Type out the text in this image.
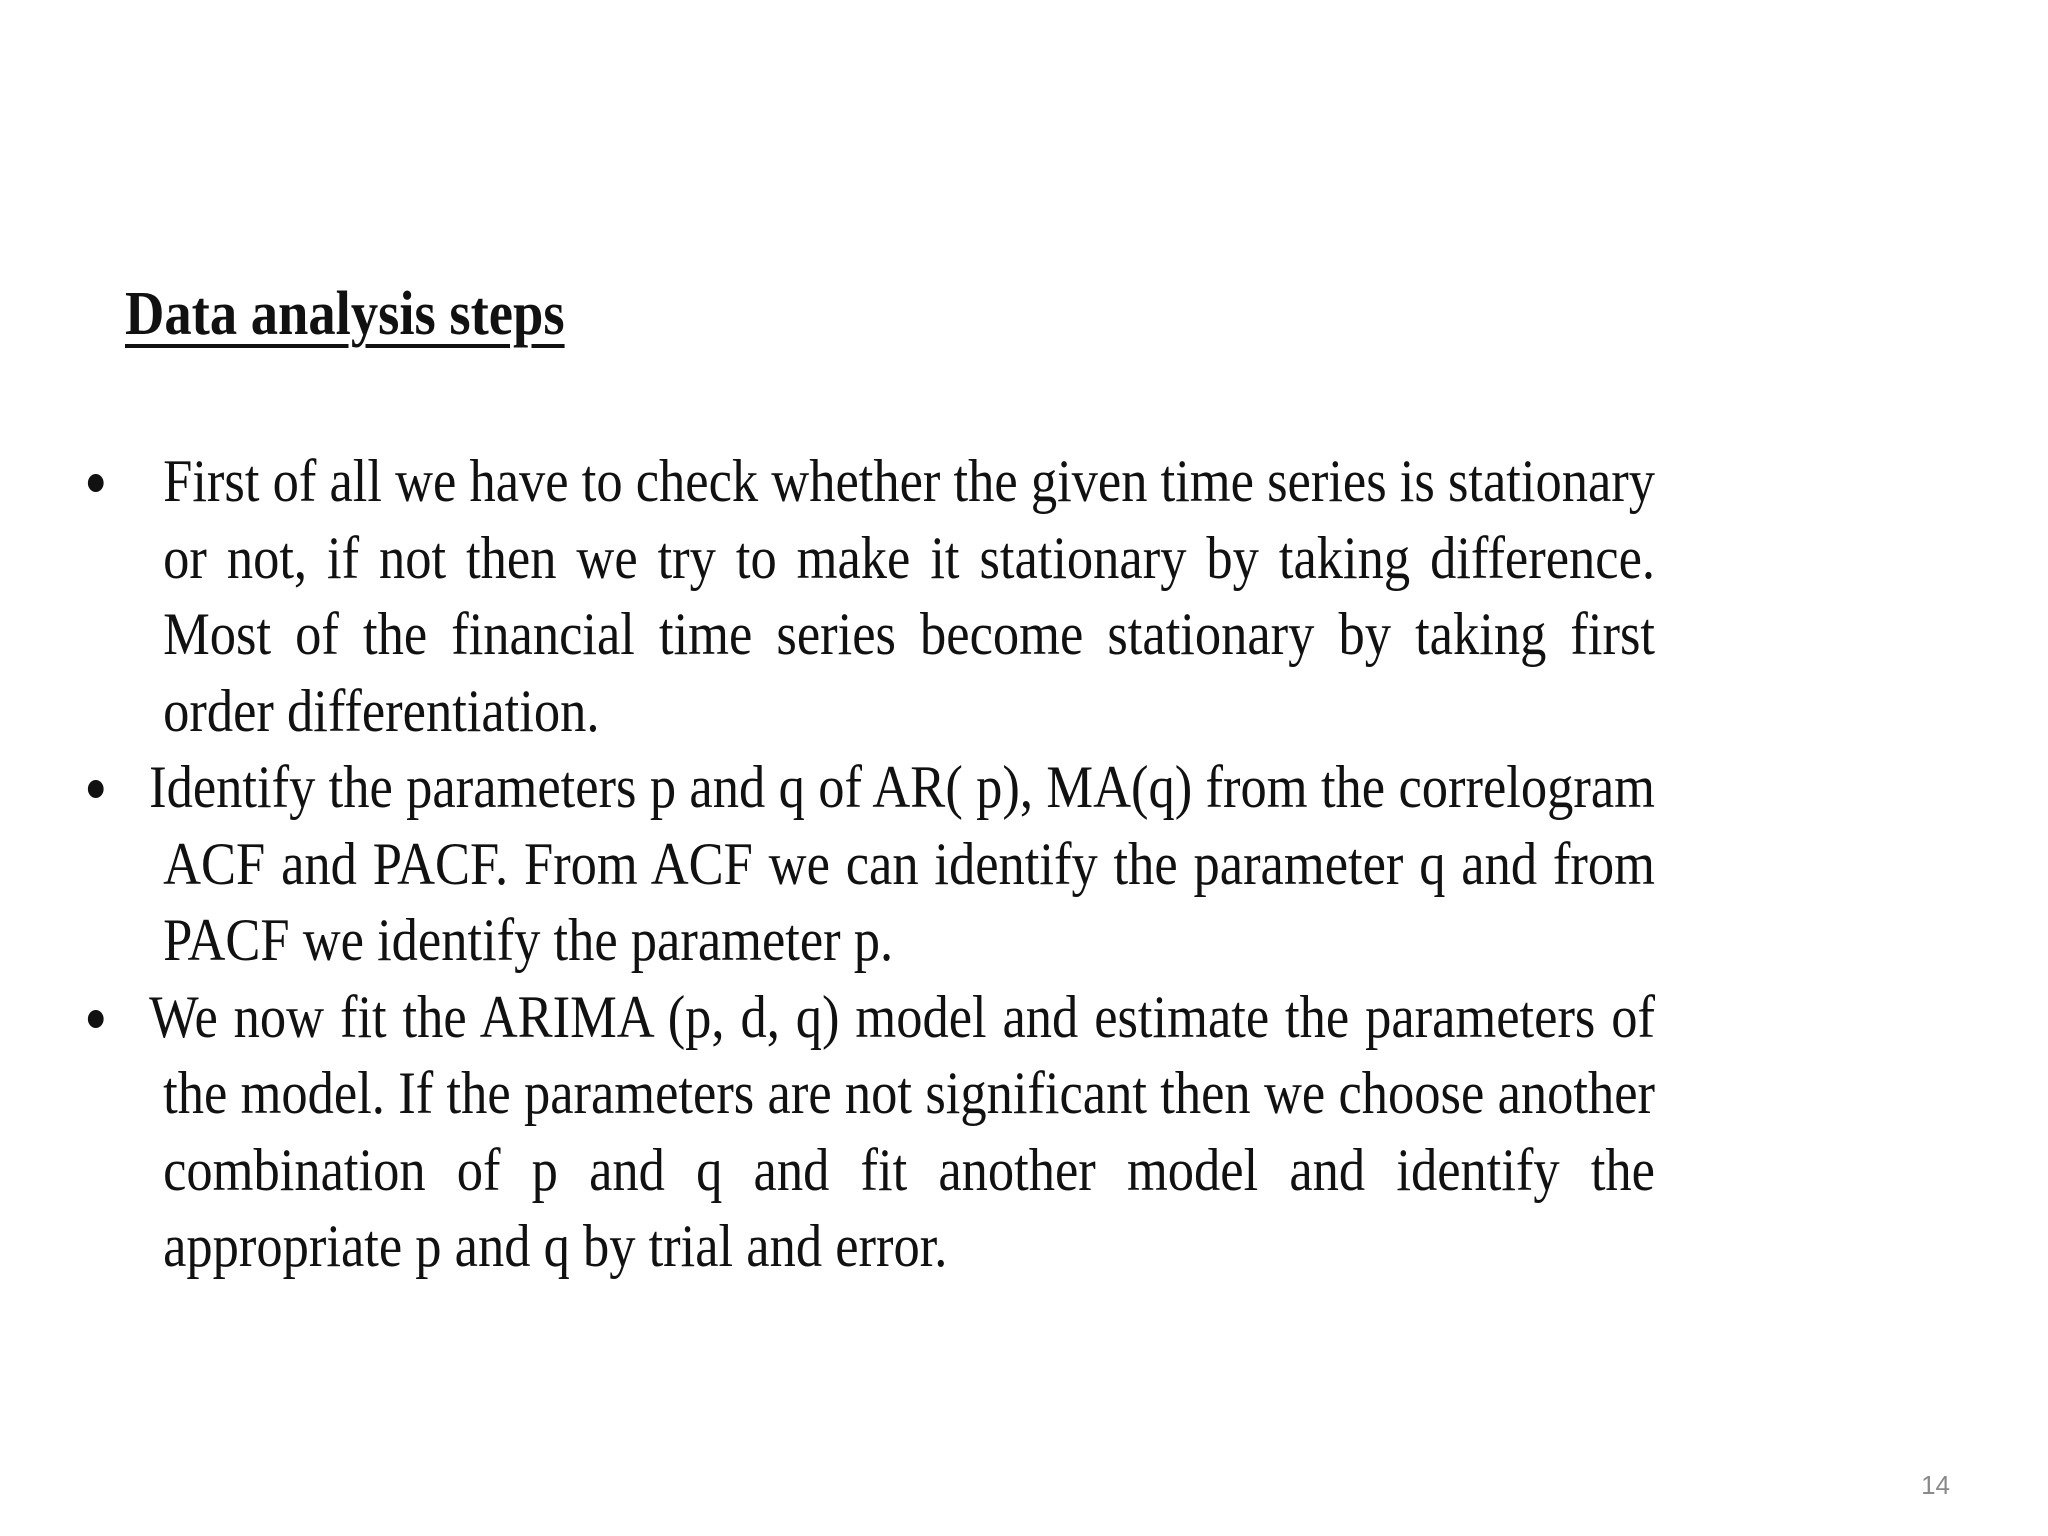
Data analysis steps
First of all we have to check whether the given time series is stationary or not, if not then we try to make it stationary by taking difference. Most of the financial time series become stationary by taking first order differentiation.
Identify the parameters p and q of AR( p), MA(q) from the correlogram ACF and PACF. From ACF we can identify the parameter q and from PACF we identify the parameter p.
We now fit the ARIMA (p, d, q) model and estimate the parameters of the model. If the parameters are not significant then we choose another combination of p and q and fit another model and identify the appropriate p and q by trial and error.

14
